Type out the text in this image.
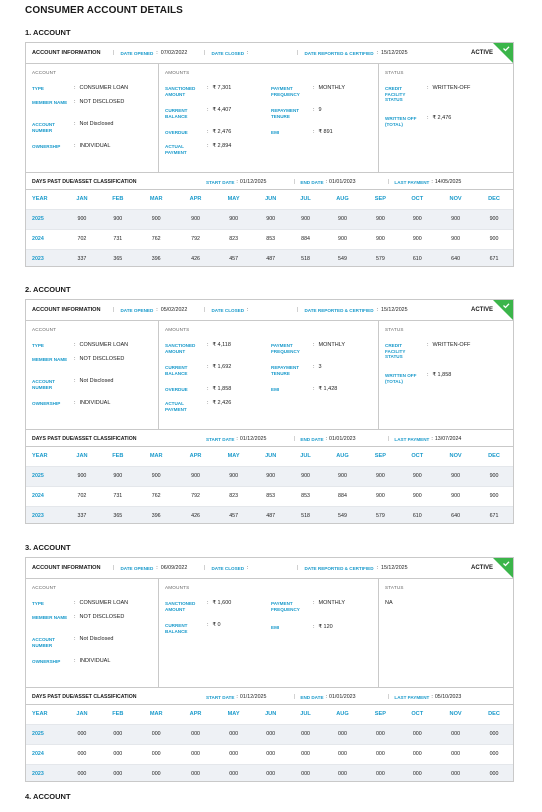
CONSUMER ACCOUNT DETAILS
1. ACCOUNT
ACCOUNT INFORMATION | DATE OPENED : 07/02/2022	| DATE CLOSED :	| DATE REPORTED & CERTIFIED : 15/12/2025	ACTIVE
ACCOUNT
TYPE	: CONSUMER LOAN
MEMBER NAME	: NOT DISCLOSED
ACCOUNT NUMBER
: Not Disclosed
OWNERSHIP	: INDIVIDUAL
AMOUNTS
SANCTIONED AMOUNT
: ₹ 7,301
CURRENT BALANCE
: ₹ 4,407
OVERDUE	: ₹ 2,476
ACTUAL PAYMENT
: ₹ 2,894
PAYMENT FREQUENCY
: MONTHLY
REPAYMENT TENURE
: 9
EMI	: ₹ 891
STATUS
CREDIT FACILITY STATUS
: WRITTEN-OFF
WRITTEN OFF (TOTAL)
: ₹ 2,476
DAYS PAST DUE/ASSET CLASSIFICATION	START DATE : 01/12/2025	| END DATE : 01/01/2023	| LAST PAYMENT : 14/05/2025
YEAR	JAN	FEB	MAR	APR	MAY	JUN	JUL	AUG	SEP	OCT	NOV	DEC
2025	900	900	900	900	900	900	900	900	900	900	900	900
2024	702	731	762	792	823	853	884	900	900	900	900	900
2023	337	365	396	426	457	487	518	549	579	610	640	671
2. ACCOUNT
ACCOUNT INFORMATION | DATE OPENED : 05/02/2022	| DATE CLOSED :	| DATE REPORTED & CERTIFIED : 15/12/2025	ACTIVE
ACCOUNT
TYPE	: CONSUMER LOAN
MEMBER NAME	: NOT DISCLOSED
ACCOUNT NUMBER
: Not Disclosed
OWNERSHIP	: INDIVIDUAL
AMOUNTS
SANCTIONED AMOUNT
: ₹ 4,118
CURRENT BALANCE
: ₹ 1,692
OVERDUE	: ₹ 1,858
ACTUAL PAYMENT
: ₹ 2,426
PAYMENT FREQUENCY
: MONTHLY
REPAYMENT TENURE
: 3
EMI	: ₹ 1,428
STATUS
CREDIT FACILITY STATUS
: WRITTEN-OFF
WRITTEN OFF (TOTAL)
: ₹ 1,858
DAYS PAST DUE/ASSET CLASSIFICATION	START DATE : 01/12/2025	| END DATE : 01/01/2023	| LAST PAYMENT : 13/07/2024
YEAR	JAN	FEB	MAR	APR	MAY	JUN	JUL	AUG	SEP	OCT	NOV	DEC
2025	900	900	900	900	900	900	900	900	900	900	900	900
2024	702	731	762	792	823	853	853	884	900	900	900	900
2023	337	365	396	426	457	487	518	549	579	610	640	671
3. ACCOUNT
ACCOUNT INFORMATION | DATE OPENED : 06/09/2022	| DATE CLOSED :	| DATE REPORTED & CERTIFIED : 15/12/2025	ACTIVE
ACCOUNT
TYPE	: CONSUMER LOAN
MEMBER NAME	: NOT DISCLOSED
ACCOUNT NUMBER
: Not Disclosed
OWNERSHIP	: INDIVIDUAL
AMOUNTS
SANCTIONED AMOUNT
: ₹ 1,600
CURRENT BALANCE
: ₹ 0
PAYMENT FREQUENCY
: MONTHLY
EMI	: ₹ 120
STATUS
NA
DAYS PAST DUE/ASSET CLASSIFICATION	START DATE : 01/12/2025	| END DATE : 01/01/2023	| LAST PAYMENT : 05/10/2023
YEAR	JAN	FEB	MAR	APR	MAY	JUN	JUL	AUG	SEP	OCT	NOV	DEC
2025	000	000	000	000	000	000	000	000	000	000	000	000
2024	000	000	000	000	000	000	000	000	000	000	000	000
2023	000	000	000	000	000	000	000	000	000	000	000	000
4. ACCOUNT
